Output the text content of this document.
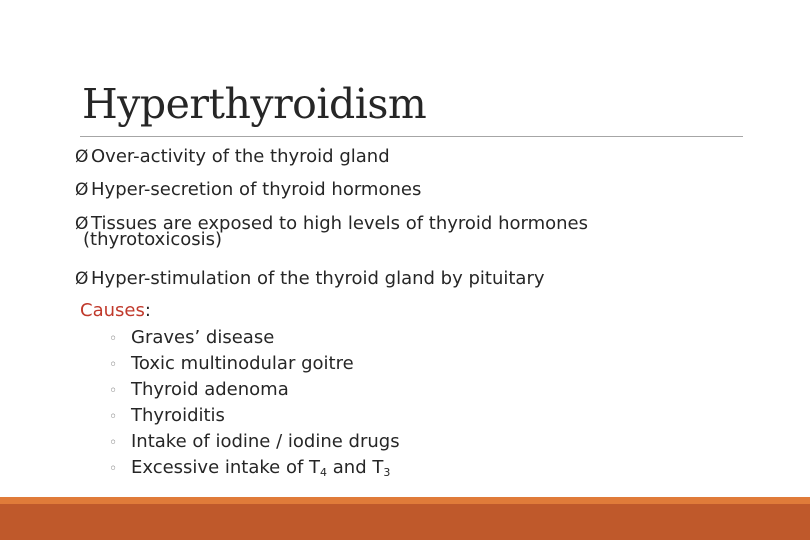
Hyperthyroidism
Ø Over-activity of the thyroid gland
Ø Hyper-secretion of thyroid hormones
Ø Tissues are exposed to high levels of thyroid hormones
(thyrotoxicosis)
Ø Hyper-stimulation of the thyroid gland by pituitary
Causes:
◦ Graves’ disease
◦ Toxic multinodular goitre
◦ Thyroid adenoma
◦ Thyroiditis
◦ Intake of iodine / iodine drugs
◦ Excessive intake of $T_4$ and $T_3$
